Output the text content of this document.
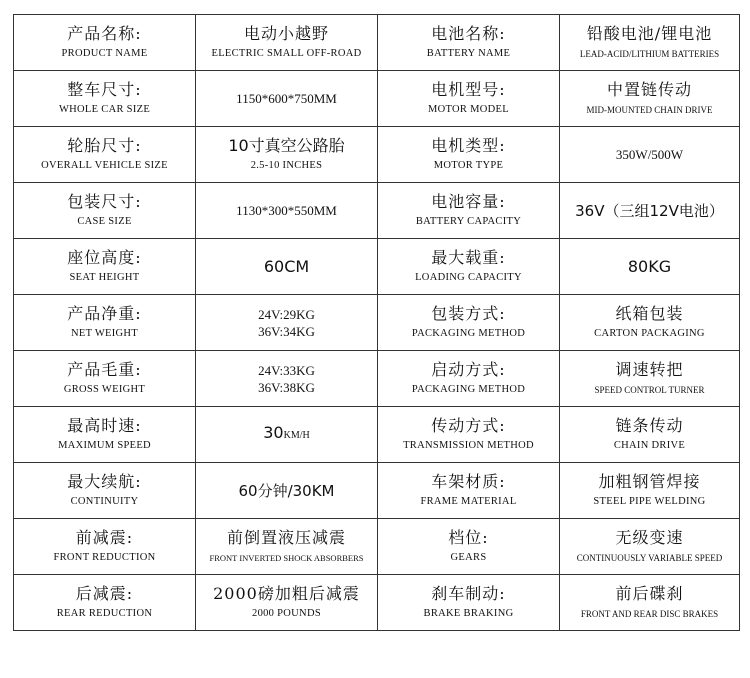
产品名称:
PRODUCT NAME	电动小越野
ELECTRIC SMALL OFF-ROAD	电池名称:
BATTERY NAME	铅酸电池/锂电池
LEAD-ACID/LITHIUM BATTERIES

整车尺寸:
WHOLE CAR SIZE	1150*600*750MM	电机型号:
MOTOR MODEL	中置链传动
MID-MOUNTED CHAIN DRIVE

轮胎尺寸:
OVERALL VEHICLE SIZE	10寸真空公路胎
2.5-10 INCHES	电机类型:
MOTOR TYPE	350W/500W

包装尺寸:
CASE SIZE	1130*300*550MM	电池容量:
BATTERY CAPACITY	36V（三组12V电池）

座位高度:
SEAT HEIGHT	60CM	最大载重:
LOADING CAPACITY	80KG

产品净重:
NET WEIGHT	24V:29KG
36V:34KG	包装方式:
PACKAGING METHOD	纸箱包装
CARTON PACKAGING

产品毛重:
GROSS WEIGHT	24V:33KG
36V:38KG	启动方式:
PACKAGING METHOD	调速转把
SPEED CONTROL TURNER

最高时速:
MAXIMUM SPEED	30KM/H	传动方式:
TRANSMISSION METHOD	链条传动
CHAIN DRIVE

最大续航:
CONTINUITY	60分钟/30KM	车架材质:
FRAME MATERIAL	加粗钢管焊接
STEEL PIPE WELDING

前减震:
FRONT REDUCTION	前倒置液压减震
FRONT INVERTED SHOCK ABSORBERS	档位:
GEARS	无级变速
CONTINUOUSLY VARIABLE SPEED

后减震:
REAR REDUCTION	2000磅加粗后减震
2000 POUNDS	刹车制动:
BRAKE BRAKING	前后碟刹
FRONT AND REAR DISC BRAKES
